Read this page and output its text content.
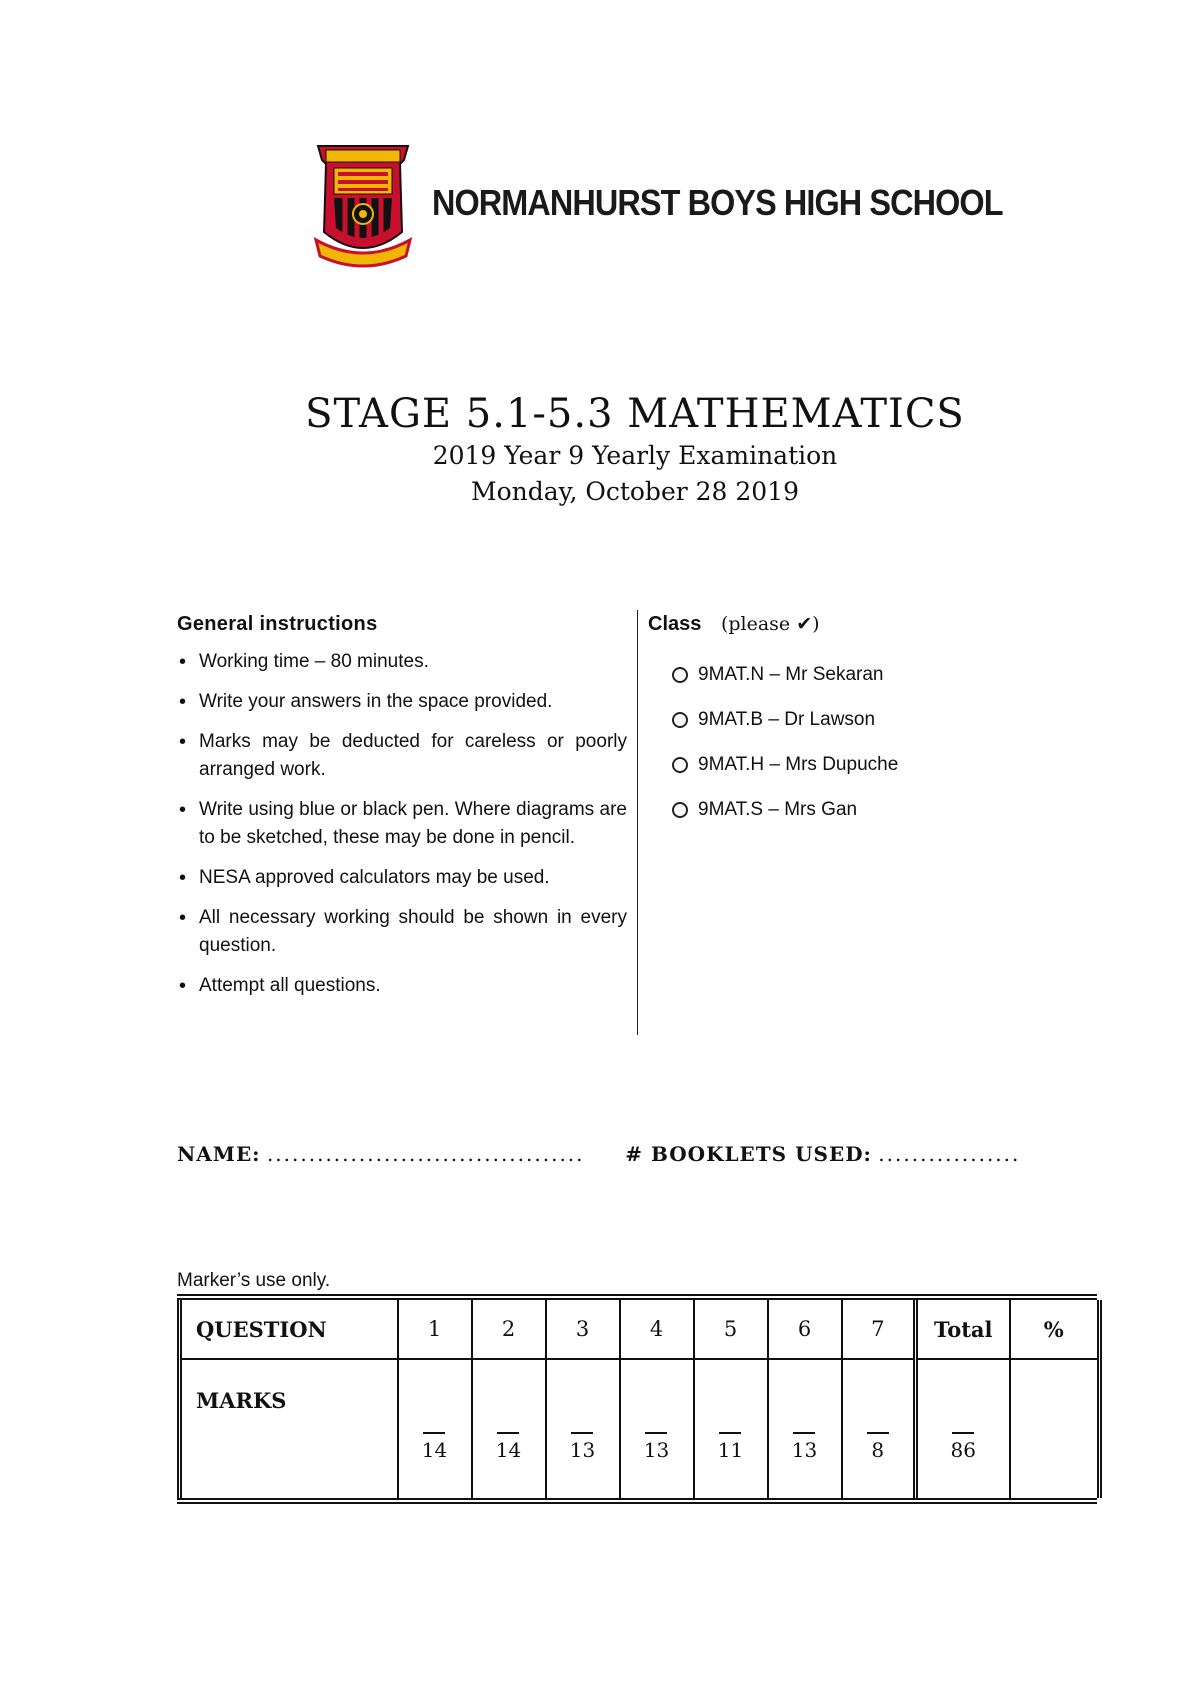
NORMANHURST BOYS HIGH SCHOOL
STAGE 5.1-5.3 MATHEMATICS
2019 Year 9 Yearly Examination
Monday, October 28 2019
General instructions
• Working time – 80 minutes.
• Write your answers in the space provided.
• Marks may be deducted for careless or poorly arranged work.
• Write using blue or black pen. Where diagrams are to be sketched, these may be done in pencil.
• NESA approved calculators may be used.
• All necessary working should be shown in every question.
• Attempt all questions.
Class (please ✔)
9MAT.N – Mr Sekaran
9MAT.B – Dr Lawson
9MAT.H – Mrs Dupuche
9MAT.S – Mrs Gan
NAME: ...................................... # BOOKLETS USED: .................
Marker’s use only.
QUESTION	1	2	3	4	5	6	7	Total	%
MARKS	14	14	13	13	11	13	8	86	
